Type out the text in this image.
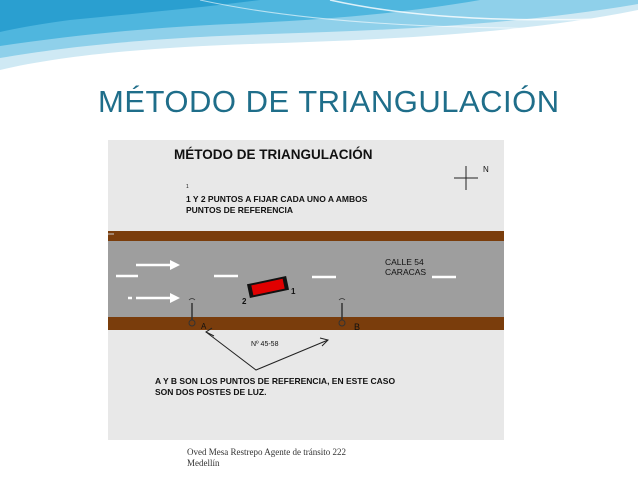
MÉTODO DE TRIANGULACIÓN
MÉTODO DE TRIANGULACIÓN
1
1 Y 2 PUNTOS A FIJAR CADA UNO A AMBOS
PUNTOS DE REFERENCIA
N
CALLE 54
CARACAS
1
2
A	B
Nº 45-58
A Y B SON LOS PUNTOS DE REFERENCIA, EN ESTE CASO
SON DOS POSTES DE LUZ.
Oved Mesa Restrepo Agente de tránsito 222
Medellín
